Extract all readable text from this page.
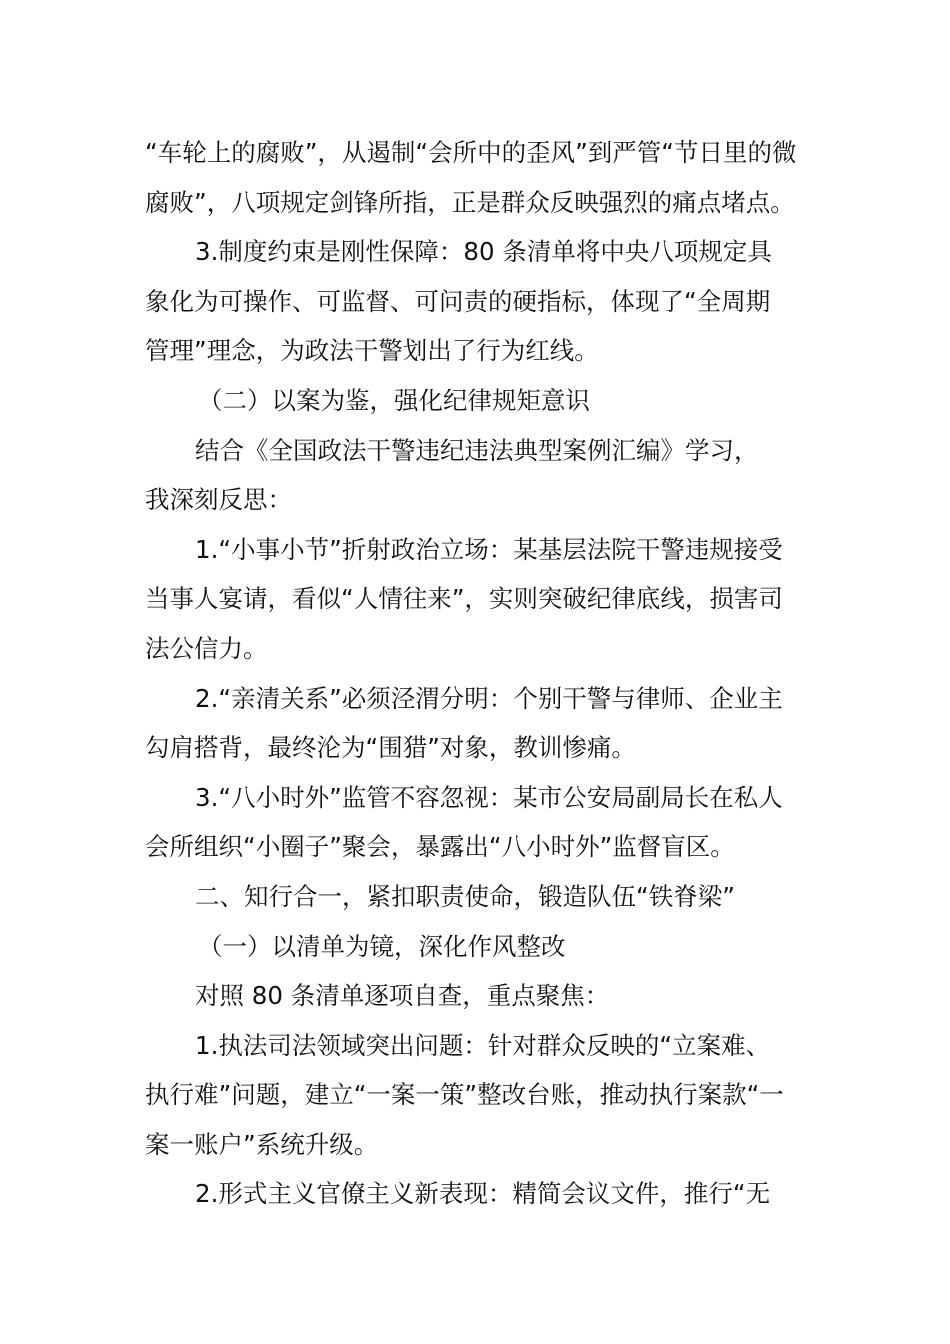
“车轮上的腐败”，从遏制“会所中的歪风”到严管“节日里的微
腐败”，八项规定剑锋所指，正是群众反映强烈的痛点堵点。
3.制度约束是刚性保障：80 条清单将中央八项规定具
象化为可操作、可监督、可问责的硬指标，体现了“全周期
管理”理念，为政法干警划出了行为红线。
（二）以案为鉴，强化纪律规矩意识
结合《全国政法干警违纪违法典型案例汇编》学习，
我深刻反思：
1.“小事小节”折射政治立场：某基层法院干警违规接受
当事人宴请，看似“人情往来”，实则突破纪律底线，损害司
法公信力。
2.“亲清关系”必须泾渭分明：个别干警与律师、企业主
勾肩搭背，最终沦为“围猎”对象，教训惨痛。
3.“八小时外”监管不容忽视：某市公安局副局长在私人
会所组织“小圈子”聚会，暴露出“八小时外”监督盲区。
二、知行合一，紧扣职责使命，锻造队伍“铁脊梁”
（一）以清单为镜，深化作风整改
对照 80 条清单逐项自查，重点聚焦：
1.执法司法领域突出问题：针对群众反映的“立案难、
执行难”问题，建立“一案一策”整改台账，推动执行案款“一
案一账户”系统升级。
2.形式主义官僚主义新表现：精简会议文件，推行“无
